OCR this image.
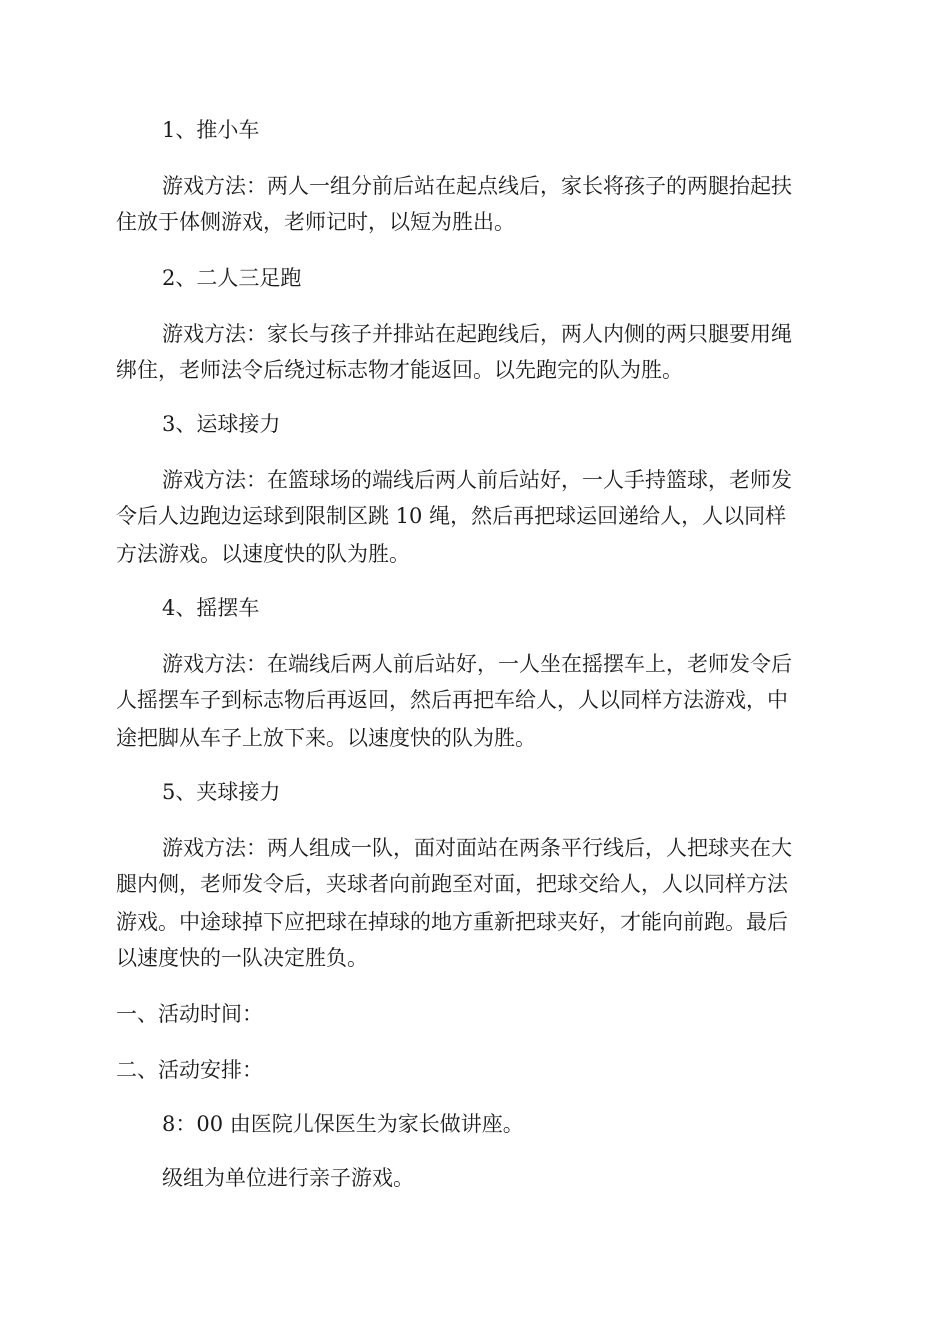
1、推小车
游戏方法：两人一组分前后站在起点线后，家长将孩子的两腿抬起扶
住放于体侧游戏，老师记时，以短为胜出。
2、二人三足跑
游戏方法：家长与孩子并排站在起跑线后，两人内侧的两只腿要用绳
绑住，老师法令后绕过标志物才能返回。以先跑完的队为胜。
3、运球接力
游戏方法：在篮球场的端线后两人前后站好，一人手持篮球，老师发
令后人边跑边运球到限制区跳 10 绳，然后再把球运回递给人，人以同样
方法游戏。以速度快的队为胜。
4、摇摆车
游戏方法：在端线后两人前后站好，一人坐在摇摆车上，老师发令后
人摇摆车子到标志物后再返回，然后再把车给人，人以同样方法游戏，中
途把脚从车子上放下来。以速度快的队为胜。
5、夹球接力
游戏方法：两人组成一队，面对面站在两条平行线后，人把球夹在大
腿内侧，老师发令后，夹球者向前跑至对面，把球交给人，人以同样方法
游戏。中途球掉下应把球在掉球的地方重新把球夹好，才能向前跑。最后
以速度快的一队决定胜负。
一、活动时间：
二、活动安排：
8：00 由医院儿保医生为家长做讲座。
级组为单位进行亲子游戏。
